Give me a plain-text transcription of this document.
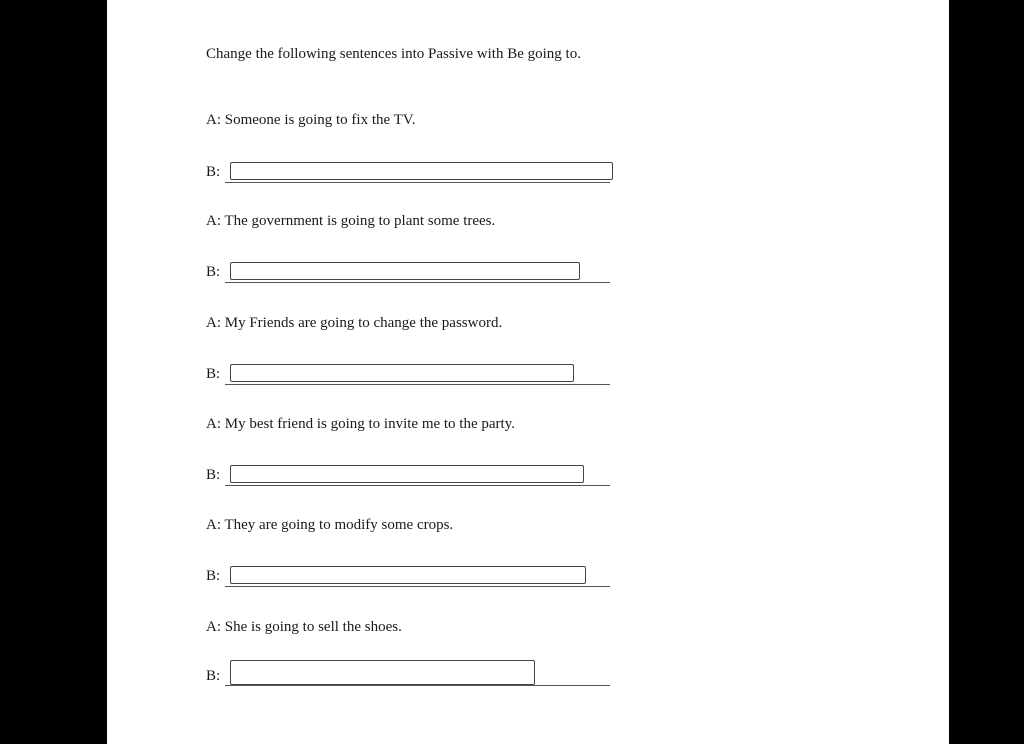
Change the following sentences into Passive with Be going to.
A: Someone is going to fix the TV.
B:
A: The government is going to plant some trees.
B:
A: My Friends are going to change the password.
B:
A: My best friend is going to invite me to the party.
B:
A: They are going to modify some crops.
B:
A: She is going to sell the shoes.
B:
